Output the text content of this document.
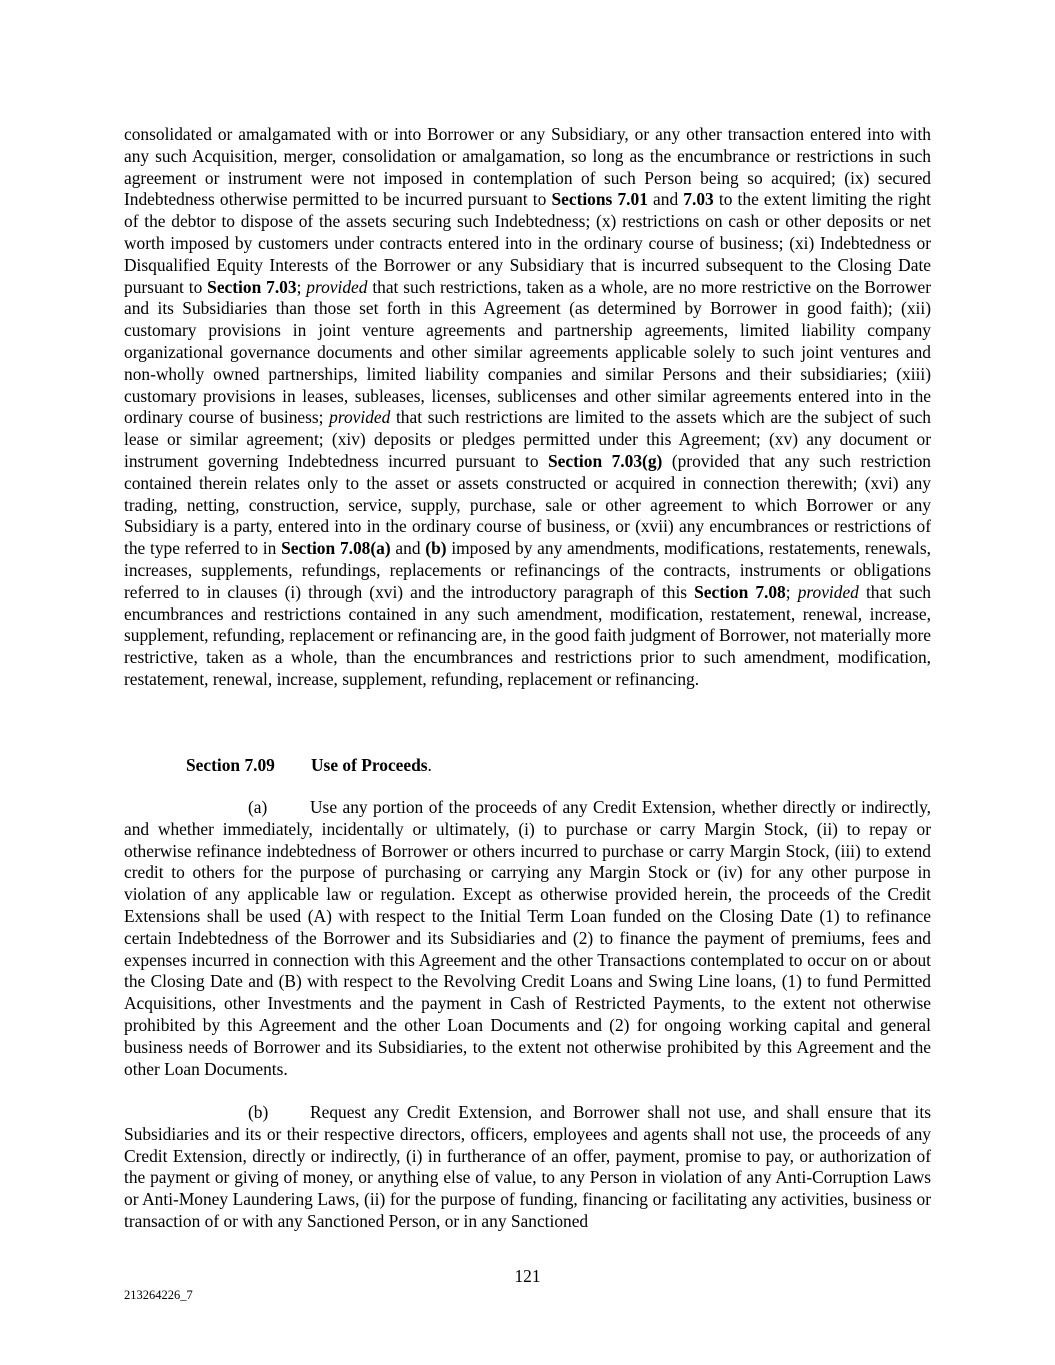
consolidated or amalgamated with or into Borrower or any Subsidiary, or any other transaction entered into with any such Acquisition, merger, consolidation or amalgamation, so long as the encumbrance or restrictions in such agreement or instrument were not imposed in contemplation of such Person being so acquired; (ix) secured Indebtedness otherwise permitted to be incurred pursuant to Sections 7.01 and 7.03 to the extent limiting the right of the debtor to dispose of the assets securing such Indebtedness; (x) restrictions on cash or other deposits or net worth imposed by customers under contracts entered into in the ordinary course of business; (xi) Indebtedness or Disqualified Equity Interests of the Borrower or any Subsidiary that is incurred subsequent to the Closing Date pursuant to Section 7.03; provided that such restrictions, taken as a whole, are no more restrictive on the Borrower and its Subsidiaries than those set forth in this Agreement (as determined by Borrower in good faith); (xii) customary provisions in joint venture agreements and partnership agreements, limited liability company organizational governance documents and other similar agreements applicable solely to such joint ventures and non-wholly owned partnerships, limited liability companies and similar Persons and their subsidiaries; (xiii) customary provisions in leases, subleases, licenses, sublicenses and other similar agreements entered into in the ordinary course of business; provided that such restrictions are limited to the assets which are the subject of such lease or similar agreement; (xiv) deposits or pledges permitted under this Agreement; (xv) any document or instrument governing Indebtedness incurred pursuant to Section 7.03(g) (provided that any such restriction contained therein relates only to the asset or assets constructed or acquired in connection therewith; (xvi) any trading, netting, construction, service, supply, purchase, sale or other agreement to which Borrower or any Subsidiary is a party, entered into in the ordinary course of business, or (xvii) any encumbrances or restrictions of the type referred to in Section 7.08(a) and (b) imposed by any amendments, modifications, restatements, renewals, increases, supplements, refundings, replacements or refinancings of the contracts, instruments or obligations referred to in clauses (i) through (xvi) and the introductory paragraph of this Section 7.08; provided that such encumbrances and restrictions contained in any such amendment, modification, restatement, renewal, increase, supplement, refunding, replacement or refinancing are, in the good faith judgment of Borrower, not materially more restrictive, taken as a whole, than the encumbrances and restrictions prior to such amendment, modification, restatement, renewal, increase, supplement, refunding, replacement or refinancing.

Section 7.09 Use of Proceeds.

(a) Use any portion of the proceeds of any Credit Extension, whether directly or indirectly, and whether immediately, incidentally or ultimately, (i) to purchase or carry Margin Stock, (ii) to repay or otherwise refinance indebtedness of Borrower or others incurred to purchase or carry Margin Stock, (iii) to extend credit to others for the purpose of purchasing or carrying any Margin Stock or (iv) for any other purpose in violation of any applicable law or regulation. Except as otherwise provided herein, the proceeds of the Credit Extensions shall be used (A) with respect to the Initial Term Loan funded on the Closing Date (1) to refinance certain Indebtedness of the Borrower and its Subsidiaries and (2) to finance the payment of premiums, fees and expenses incurred in connection with this Agreement and the other Transactions contemplated to occur on or about the Closing Date and (B) with respect to the Revolving Credit Loans and Swing Line loans, (1) to fund Permitted Acquisitions, other Investments and the payment in Cash of Restricted Payments, to the extent not otherwise prohibited by this Agreement and the other Loan Documents and (2) for ongoing working capital and general business needs of Borrower and its Subsidiaries, to the extent not otherwise prohibited by this Agreement and the other Loan Documents.

(b) Request any Credit Extension, and Borrower shall not use, and shall ensure that its Subsidiaries and its or their respective directors, officers, employees and agents shall not use, the proceeds of any Credit Extension, directly or indirectly, (i) in furtherance of an offer, payment, promise to pay, or authorization of the payment or giving of money, or anything else of value, to any Person in violation of any Anti-Corruption Laws or Anti-Money Laundering Laws, (ii) for the purpose of funding, financing or facilitating any activities, business or transaction of or with any Sanctioned Person, or in any Sanctioned

121

213264226_7
